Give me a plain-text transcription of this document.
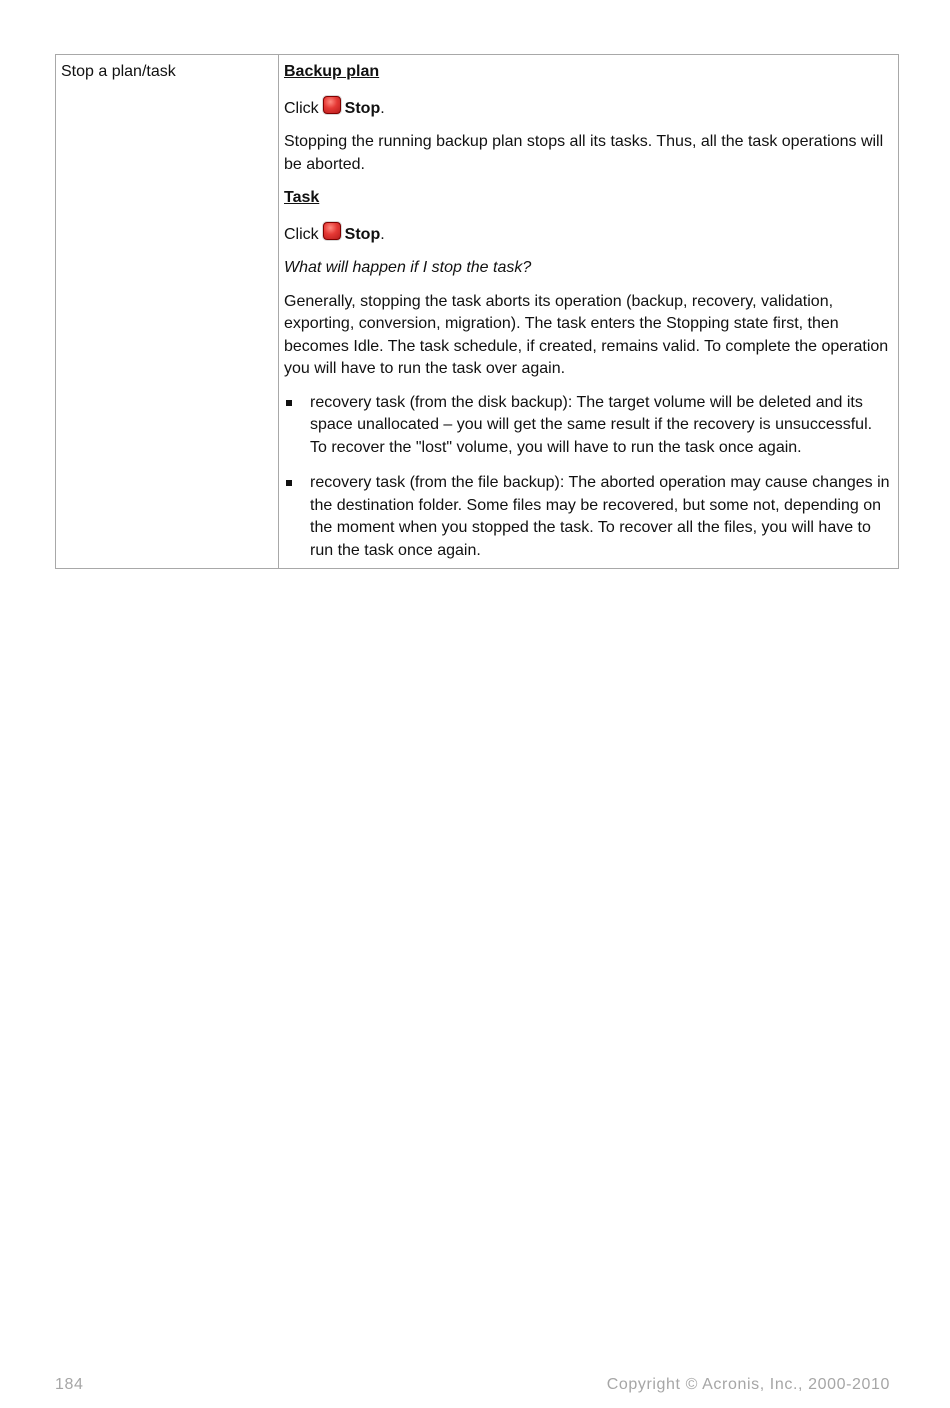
Stop a plan/task	Backup plan

Click Stop.

Stopping the running backup plan stops all its tasks. Thus, all the task operations will be aborted.

Task

Click Stop.

What will happen if I stop the task?

Generally, stopping the task aborts its operation (backup, recovery, validation, exporting, conversion, migration). The task enters the Stopping state first, then becomes Idle. The task schedule, if created, remains valid. To complete the operation you will have to run the task over again.

recovery task (from the disk backup): The target volume will be deleted and its space unallocated – you will get the same result if the recovery is unsuccessful. To recover the "lost" volume, you will have to run the task once again.
recovery task (from the file backup): The aborted operation may cause changes in the destination folder. Some files may be recovered, but some not, depending on the moment when you stopped the task. To recover all the files, you will have to run the task once again.
184	Copyright © Acronis, Inc., 2000-2010
